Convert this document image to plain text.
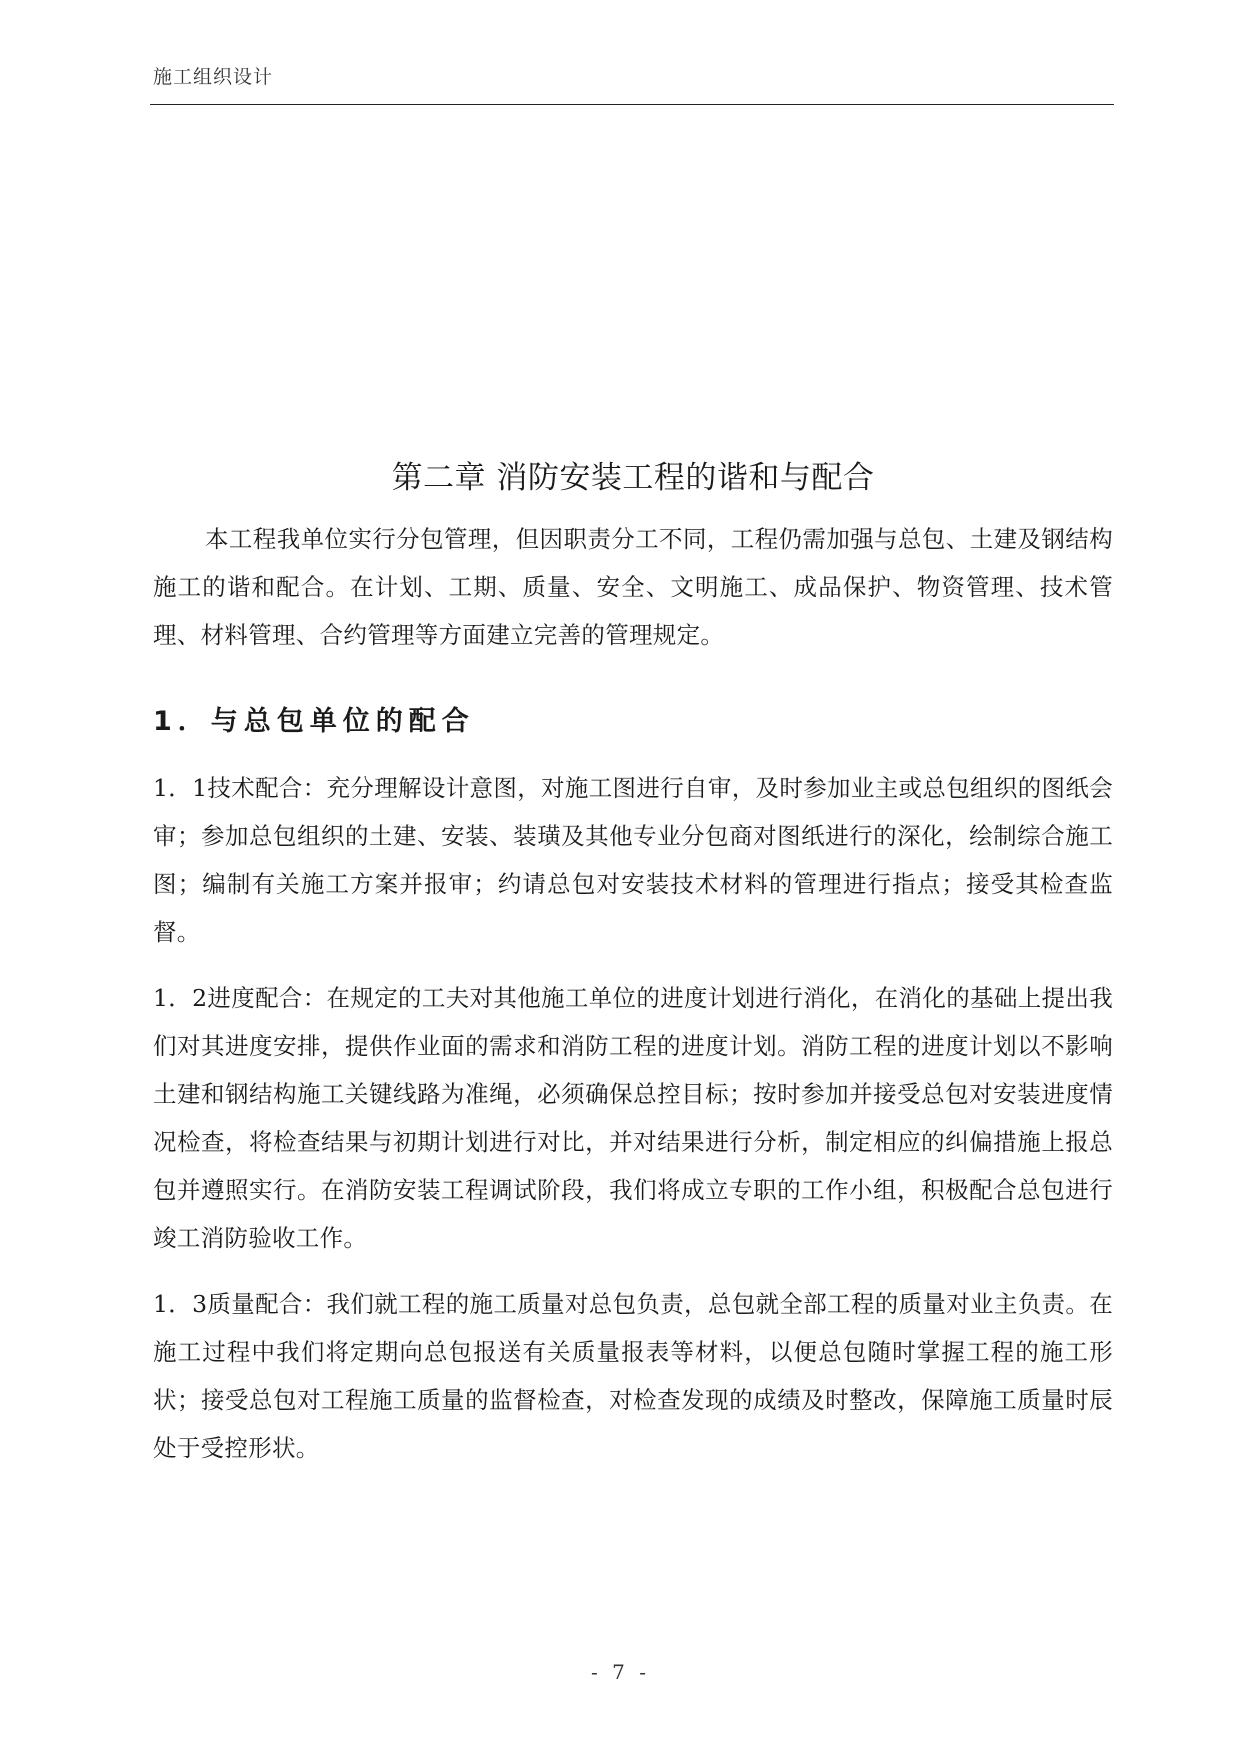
施工组织设计
第二章 消防安装工程的谐和与配合

本工程我单位实行分包管理，但因职责分工不同，工程仍需加强与总包、土建及钢结构施工的谐和配合。在计划、工期、质量、安全、文明施工、成品保护、物资管理、技术管理、材料管理、合约管理等方面建立完善的管理规定。

1．与总包单位的配合

1．1技术配合：充分理解设计意图，对施工图进行自审，及时参加业主或总包组织的图纸会审；参加总包组织的土建、安装、装璜及其他专业分包商对图纸进行的深化，绘制综合施工图；编制有关施工方案并报审；约请总包对安装技术材料的管理进行指点；接受其检查监督。

1．2进度配合：在规定的工夫对其他施工单位的进度计划进行消化，在消化的基础上提出我们对其进度安排，提供作业面的需求和消防工程的进度计划。消防工程的进度计划以不影响土建和钢结构施工关键线路为准绳，必须确保总控目标；按时参加并接受总包对安装进度情况检查，将检查结果与初期计划进行对比，并对结果进行分析，制定相应的纠偏措施上报总包并遵照实行。在消防安装工程调试阶段，我们将成立专职的工作小组，积极配合总包进行竣工消防验收工作。

1．3质量配合：我们就工程的施工质量对总包负责，总包就全部工程的质量对业主负责。在施工过程中我们将定期向总包报送有关质量报表等材料，以便总包随时掌握工程的施工形状；接受总包对工程施工质量的监督检查，对检查发现的成绩及时整改，保障施工质量时辰处于受控形状。

- 7 -
